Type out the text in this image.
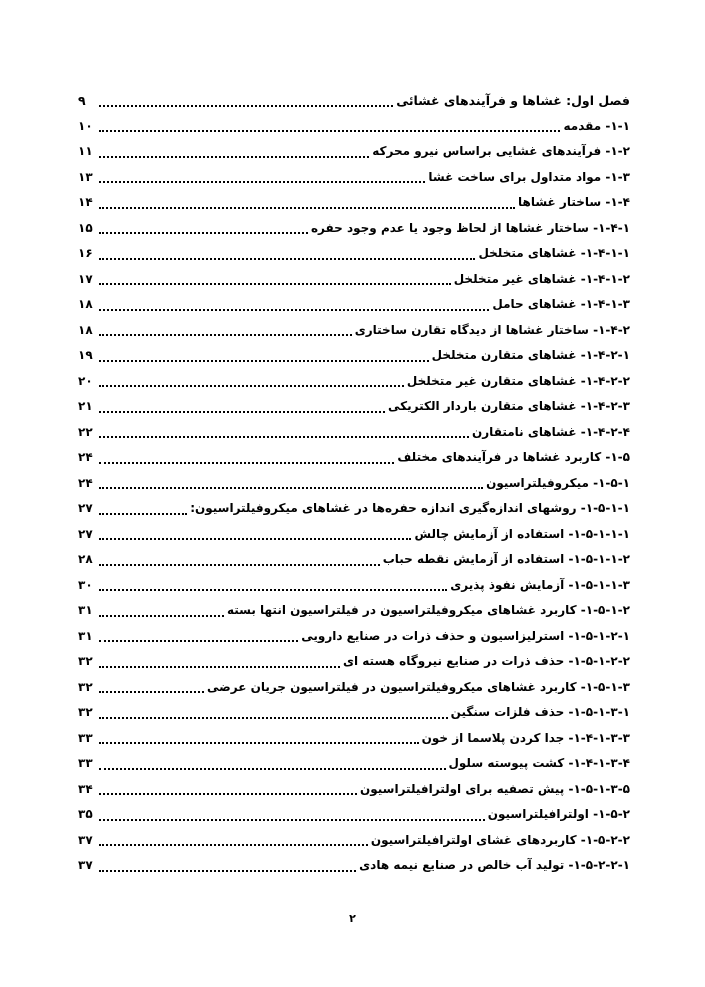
فصل اول: غشاها و فرآیندهای غشائی
۹
۱-۱- مقدمه
۱۰
۱-۲- فرآیندهای غشایی براساس نیرو محرکه
۱۱
۱-۳- مواد متداول برای ساخت غشا
۱۳
۱-۴- ساختار غشاها
۱۴
۱-۴-۱- ساختار غشاها از لحاظ وجود یا عدم وجود حفره
۱۵
۱-۴-۱-۱- غشاهای متخلخل
۱۶
۱-۴-۱-۲- غشاهای غیر متخلخل
۱۷
۱-۴-۱-۳- غشاهای حامل
۱۸
۱-۴-۲- ساختار غشاها از دیدگاه تقارن ساختاری
۱۸
۱-۴-۲-۱- غشاهای متقارن متخلخل
۱۹
۱-۴-۲-۲- غشاهای متقارن غیر متخلخل
۲۰
۱-۴-۲-۳- غشاهای متقارن باردار الکتریکی
۲۱
۱-۴-۲-۴- غشاهای نامتقارن
۲۲
۱-۵- کاربرد غشاها در فرآیندهای مختلف
۲۴
۱-۵-۱- میکروفیلتراسیون
۲۴
۱-۵-۱-۱- روشهای اندازه‌گیری اندازه حفره‌ها در غشاهای میکروفیلتراسیون:
۲۷
۱-۵-۱-۱-۱- استفاده از آزمایش چالش
۲۷
۱-۵-۱-۱-۲- استفاده از آزمایش نقطه حباب
۲۸
۱-۵-۱-۱-۳- آزمایش نفوذ پذیری
۳۰
۱-۵-۱-۲- کاربرد غشاهای میکروفیلتراسیون در فیلتراسیون انتها بسته
۳۱
۱-۵-۱-۲-۱- استرلیزاسیون و حذف ذرات در صنایع دارویی
۳۱
۱-۵-۱-۲-۲- حذف ذرات در صنایع نیروگاه هسته ای
۳۲
۱-۵-۱-۳- کاربرد غشاهای میکروفیلتراسیون در فیلتراسیون جریان عرضی
۳۲
۱-۵-۱-۳-۱- حذف فلزات سنگین
۳۲
۱-۴-۱-۳-۳- جدا کردن پلاسما از خون
۳۳
۱-۴-۱-۳-۴- کشت پیوسته سلول
۳۳
۱-۵-۱-۳-۵- پیش تصفیه برای اولترافیلتراسیون
۳۴
۱-۵-۲- اولترافیلتراسیون
۳۵
۱-۵-۲-۲- کاربردهای غشای اولترافیلتراسیون
۳۷
۱-۵-۲-۲-۱- تولید آب خالص در صنایع نیمه هادی
۳۷
۲
